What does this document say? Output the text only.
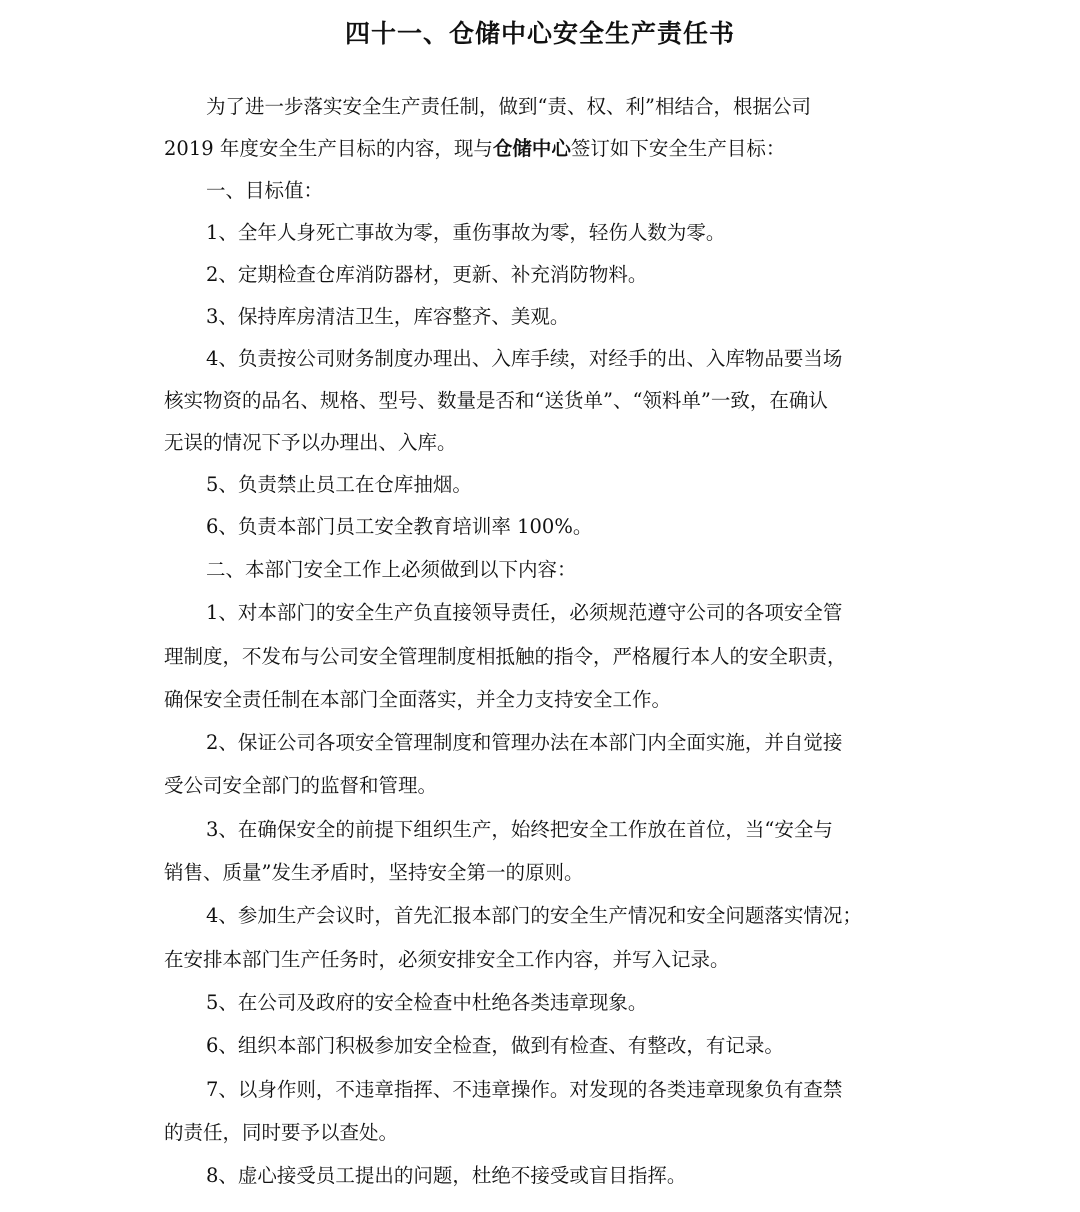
四十一、仓储中心安全生产责任书
为了进一步落实安全生产责任制，做到“责、权、利”相结合，根据公司
2019 年度安全生产目标的内容，现与仓储中心签订如下安全生产目标：
一、目标值：
1、全年人身死亡事故为零，重伤事故为零，轻伤人数为零。
2、定期检查仓库消防器材，更新、补充消防物料。
3、保持库房清洁卫生，库容整齐、美观。
4、负责按公司财务制度办理出、入库手续，对经手的出、入库物品要当场
核实物资的品名、规格、型号、数量是否和“送货单”、“领料单”一致，在确认
无误的情况下予以办理出、入库。
5、负责禁止员工在仓库抽烟。
6、负责本部门员工安全教育培训率 100%。
二、本部门安全工作上必须做到以下内容：
1、对本部门的安全生产负直接领导责任，必须规范遵守公司的各项安全管
理制度，不发布与公司安全管理制度相抵触的指令，严格履行本人的安全职责，
确保安全责任制在本部门全面落实，并全力支持安全工作。
2、保证公司各项安全管理制度和管理办法在本部门内全面实施，并自觉接
受公司安全部门的监督和管理。
3、在确保安全的前提下组织生产，始终把安全工作放在首位，当“安全与
销售、质量”发生矛盾时，坚持安全第一的原则。
4、参加生产会议时，首先汇报本部门的安全生产情况和安全问题落实情况；
在安排本部门生产任务时，必须安排安全工作内容，并写入记录。
5、在公司及政府的安全检查中杜绝各类违章现象。
6、组织本部门积极参加安全检查，做到有检查、有整改，有记录。
7、以身作则，不违章指挥、不违章操作。对发现的各类违章现象负有查禁
的责任，同时要予以查处。
8、虚心接受员工提出的问题，杜绝不接受或盲目指挥。
